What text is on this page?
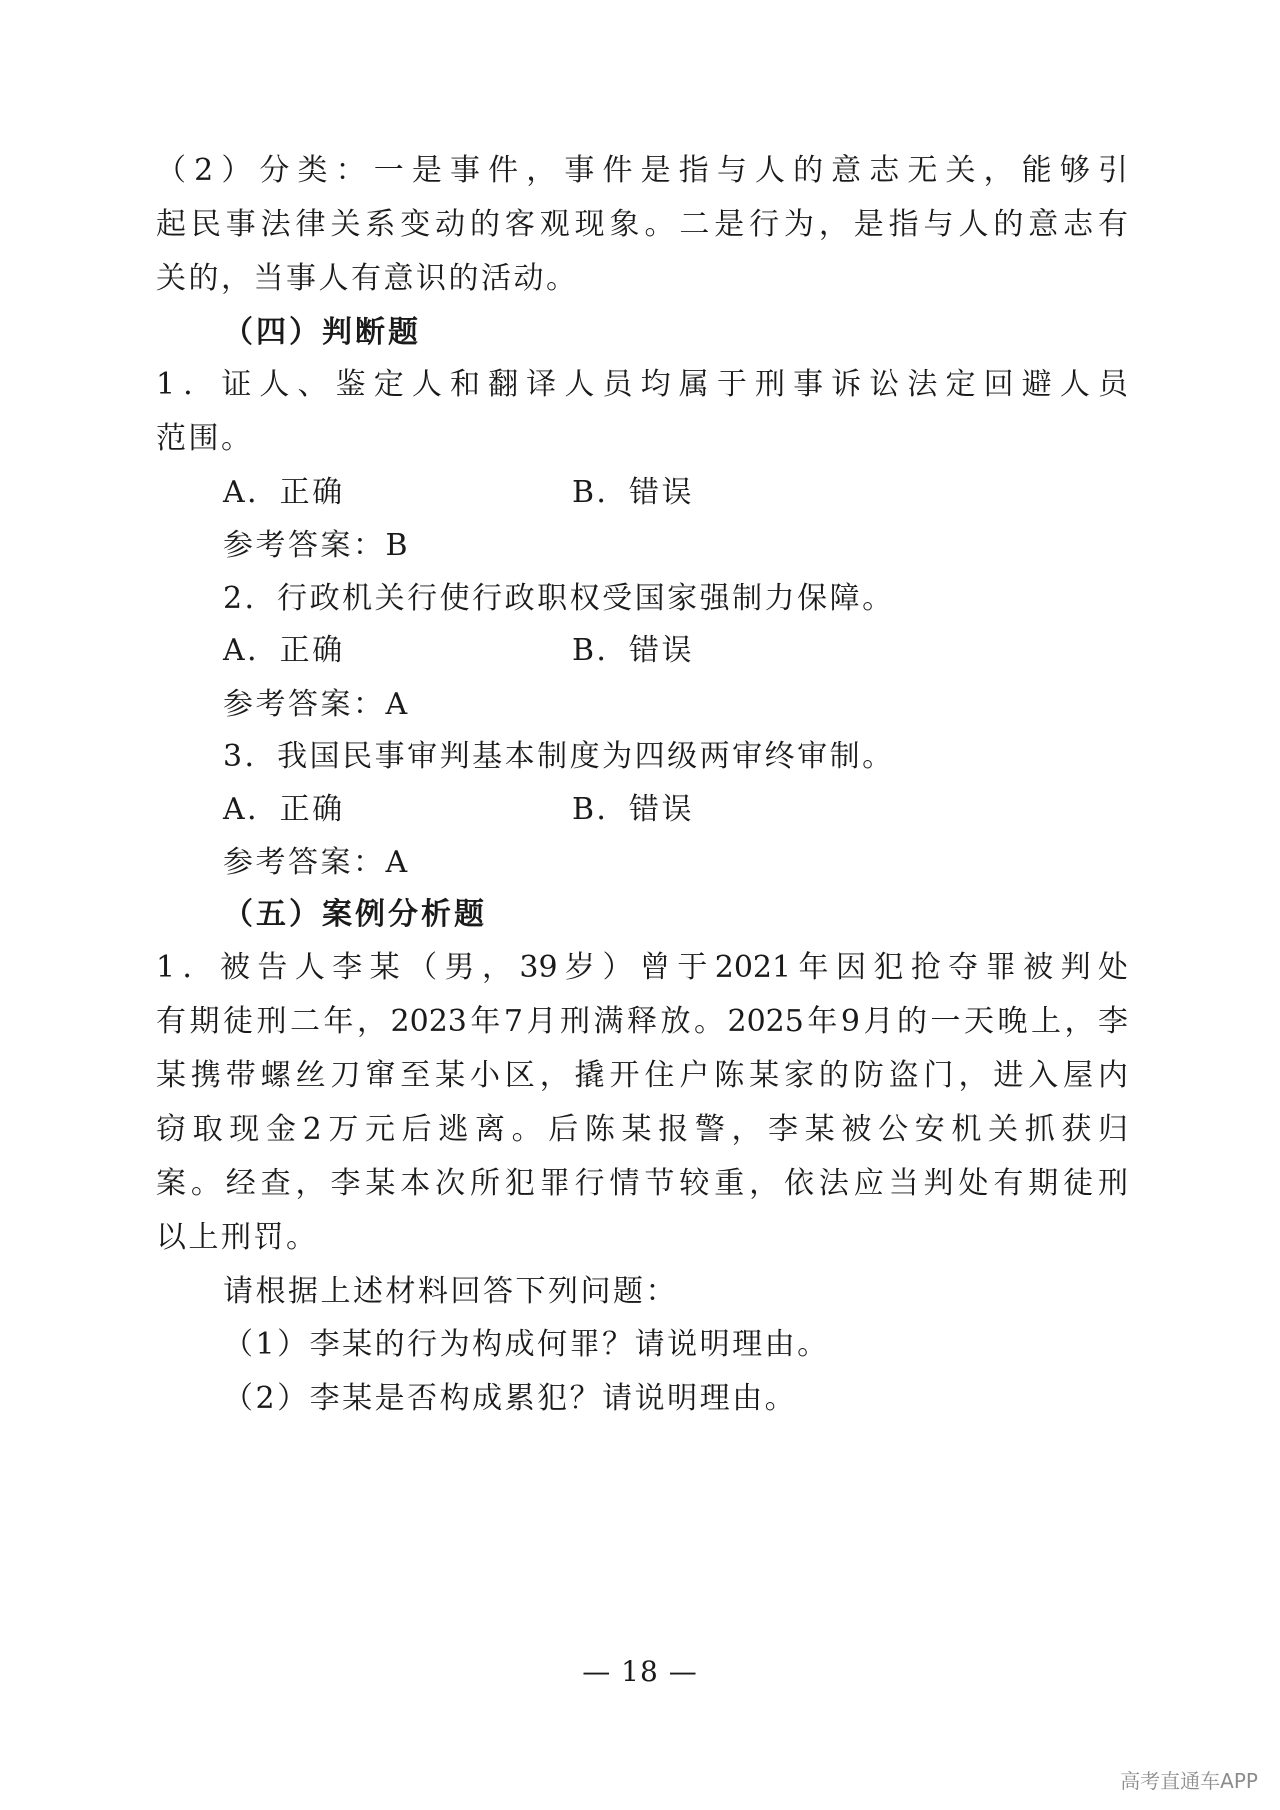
（2）分类：一是事件，事件是指与人的意志无关，能够引
起民事法律关系变动的客观现象。二是行为，是指与人的意志有
关的，当事人有意识的活动。
（四）判断题
1．证人、鉴定人和翻译人员均属于刑事诉讼法定回避人员
范围。
A．正确	B．错误
参考答案：B
2．行政机关行使行政职权受国家强制力保障。
A．正确	B．错误
参考答案：A
3．我国民事审判基本制度为四级两审终审制。
A．正确	B．错误
参考答案：A
（五）案例分析题
1．被告人李某（男，39岁）曾于2021年因犯抢夺罪被判处
有期徒刑二年，2023年7月刑满释放。2025年9月的一天晚上，李
某携带螺丝刀窜至某小区，撬开住户陈某家的防盗门，进入屋内
窃取现金2万元后逃离。后陈某报警，李某被公安机关抓获归
案。经查，李某本次所犯罪行情节较重，依法应当判处有期徒刑
以上刑罚。
请根据上述材料回答下列问题：
（1）李某的行为构成何罪？请说明理由。
（2）李某是否构成累犯？请说明理由。
— 18 —
高考直通车APP
